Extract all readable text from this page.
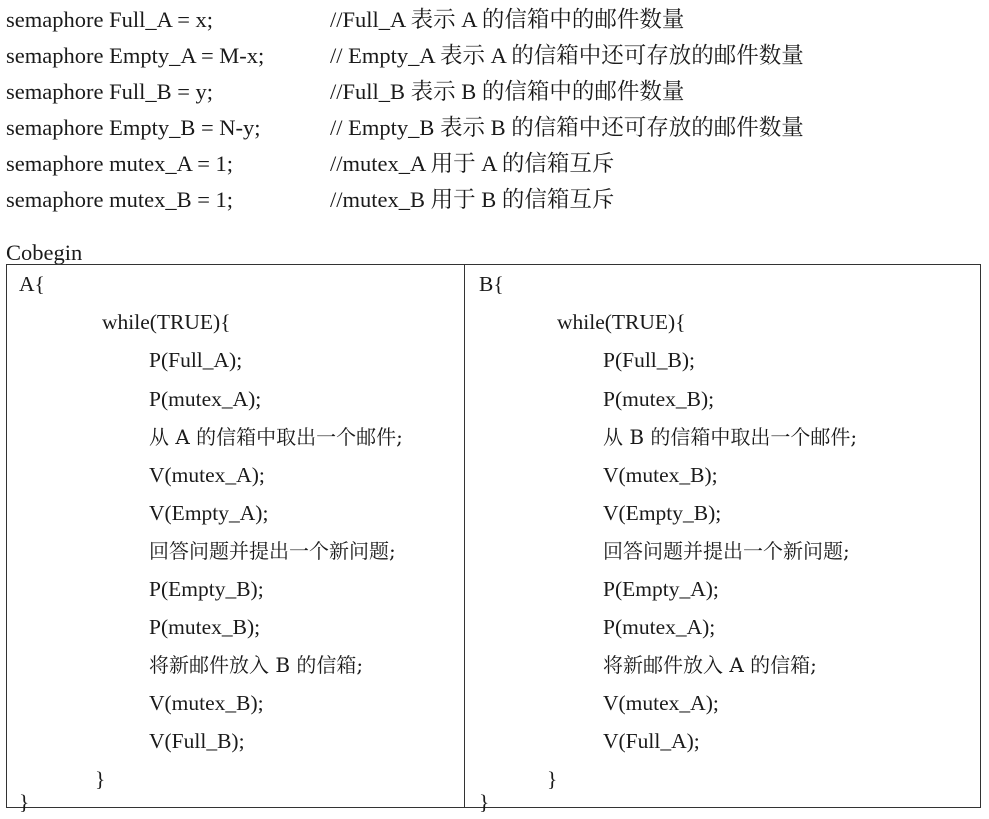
semaphore Full_A = x;	//Full_A 表示 A 的信箱中的邮件数量
semaphore Empty_A = M-x;	// Empty_A 表示 A 的信箱中还可存放的邮件数量
semaphore Full_B = y;	//Full_B 表示 B 的信箱中的邮件数量
semaphore Empty_B = N-y;	// Empty_B 表示 B 的信箱中还可存放的邮件数量
semaphore mutex_A = 1;	//mutex_A 用于 A 的信箱互斥
semaphore mutex_B = 1;	//mutex_B 用于 B 的信箱互斥
Cobegin
A{
while(TRUE){
P(Full_A);
P(mutex_A);
从 A 的信箱中取出一个邮件;
V(mutex_A);
V(Empty_A);
回答问题并提出一个新问题;
P(Empty_B);
P(mutex_B);
将新邮件放入 B 的信箱;
V(mutex_B);
V(Full_B);
}
}
B{
while(TRUE){
P(Full_B);
P(mutex_B);
从 B 的信箱中取出一个邮件;
V(mutex_B);
V(Empty_B);
回答问题并提出一个新问题;
P(Empty_A);
P(mutex_A);
将新邮件放入 A 的信箱;
V(mutex_A);
V(Full_A);
}
}
